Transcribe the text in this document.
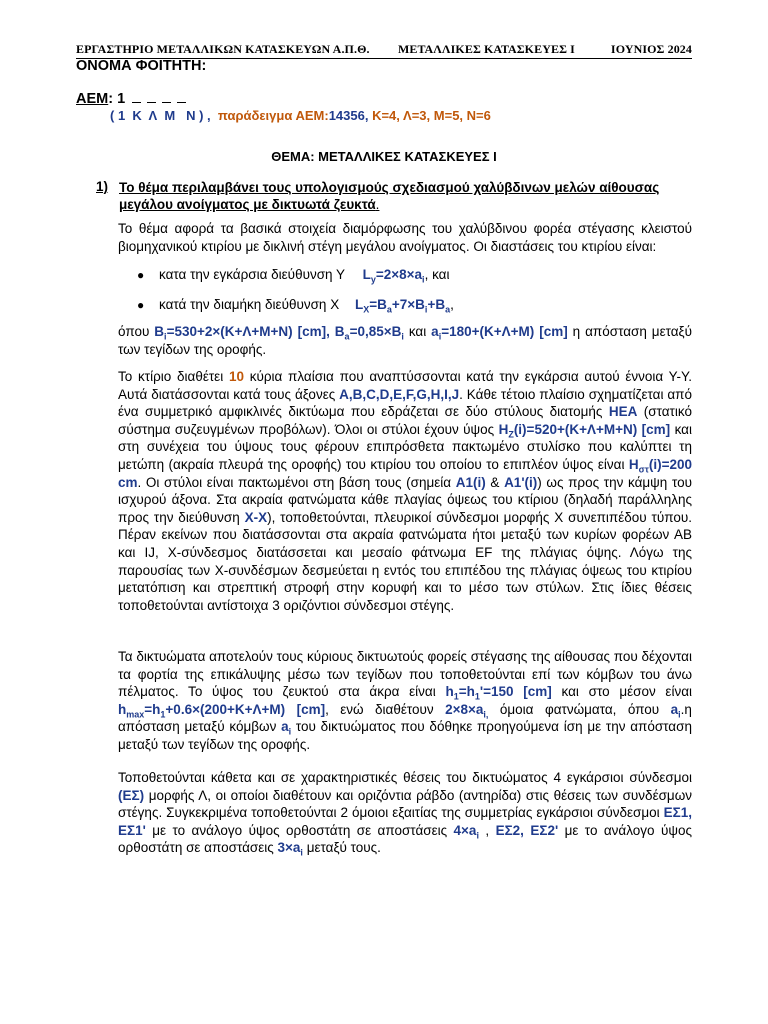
ΕΡΓΑΣΤΗΡΙΟ ΜΕΤΑΛΛΙΚΩΝ ΚΑΤΑΣΚΕΥΩΝ Α.Π.Θ. ΜΕΤΑΛΛΙΚΕΣ ΚΑΤΑΣΚΕΥΕΣ Ι	ΙΟΥΝΙΟΣ 2024
ΟΝΟΜΑ ΦΟΙΤΗΤΗ:
ΑΕΜ: 1
( 1  Κ  Λ  Μ   Ν ) , παράδειγμα ΑΕΜ:14356, Κ=4, Λ=3, Μ=5, Ν=6
ΘΕΜΑ: ΜΕΤΑΛΛΙΚΕΣ ΚΑΤΑΣΚΕΥΕΣ Ι
1) Το θέμα περιλαμβάνει τους υπολογισμούς σχεδιασμού χαλύβδινων μελών αίθουσας μεγάλου ανοίγματος με δικτυωτά ζευκτά.
Το θέμα αφορά τα βασικά στοιχεία διαμόρφωσης του χαλύβδινου φορέα στέγασης κλειστού βιομηχανικού κτιρίου με δικλινή στέγη μεγάλου ανοίγματος. Οι διαστάσεις του κτιρίου είναι:
● κατα την εγκάρσια διεύθυνση Υ $L_y=2\times 8\times a_i$, και
● κατά την διαμήκη διεύθυνση Χ $L_X=B_a+7\times B_i+B_a$,
όπου $B_i=530+2\times(K+\Lambda+M+N)$ [cm], $B_a=0,85\times B_i$ και $a_i=180+(K+\Lambda+M)$ [cm] η απόσταση μεταξύ των τεγίδων της οροφής.
Το κτίριο διαθέτει 10 κύρια πλαίσια που αναπτύσσονται κατά την εγκάρσια αυτού έννοια Υ-Υ. Αυτά διατάσσονται κατά τους άξονες A,B,C,D,E,F,G,H,I,J. Κάθε τέτοιο πλαίσιο σχηματίζεται από ένα συμμετρικό αμφικλινές δικτύωμα που εδράζεται σε δύο στύλους διατομής ΗΕΑ (στατικό σύστημα συζευγμένων προβόλων). Όλοι οι στύλοι έχουν ύψος $H_Z(i)=520+(K+\Lambda+M+N)$ [cm] και στη συνέχεια του ύψους τους φέρουν επιπρόσθετα πακτωμένο στυλίσκο που καλύπτει τη μετώπη (ακραία πλευρά της οροφής) του κτιρίου του οποίου το επιπλέον ύψος είναι $H_{\sigma\tau}(i)=200$ cm. Οι στύλοι είναι πακτωμένοι στη βάση τους (σημεία A1(i) & A1'(i)) ως προς την κάμψη του ισχυρού άξονα. Στα ακραία φατνώματα κάθε πλαγίας όψεως του κτίριου (δηλαδή παράλληλης προς την διεύθυνση Χ-Χ), τοποθετούνται, πλευρικοί σύνδεσμοι μορφής Χ συνεπιπέδου τύπου. Πέραν εκείνων που διατάσσονται στα ακραία φατνώματα ήτοι μεταξύ των κυρίων φορέων ΑΒ και IJ, Χ-σύνδεσμος διατάσσεται και μεσαίο φάτνωμα EF της πλάγιας όψης. Λόγω της παρουσίας των Χ-συνδέσμων δεσμεύεται η εντός του επιπέδου της πλάγιας όψεως του κτιρίου μετατόπιση και στρεπτική στροφή στην κορυφή και το μέσο των στύλων. Στις ίδιες θέσεις τοποθετούνται αντίστοιχα 3 οριζόντιοι σύνδεσμοι στέγης.
Τα δικτυώματα αποτελούν τους κύριους δικτυωτούς φορείς στέγασης της αίθουσας που δέχονται τα φορτία της επικάλυψης μέσω των τεγίδων που τοποθετούνται επί των κόμβων του άνω πέλματος. Το ύψος του ζευκτού στα άκρα είναι $h_1=h_1'=150$ [cm] και στο μέσον είναι $h_{max}=h_1+0.6\times(200+K+\Lambda+M)$ [cm], ενώ διαθέτουν $2\times 8\times a_{i,}$ όμοια φατνώματα, όπου $a_i.\eta$ απόσταση μεταξύ κόμβων $a_i$ του δικτυώματος που δόθηκε προηγούμενα ίση με την απόσταση μεταξύ των τεγίδων της οροφής.
Τοποθετούνται κάθετα και σε χαρακτηριστικές θέσεις του δικτυώματος 4 εγκάρσιοι σύνδεσμοι (ΕΣ) μορφής Λ, οι οποίοι διαθέτουν και οριζόντια ράβδο (αντηρίδα) στις θέσεις των συνδέσμων στέγης. Συγκεκριμένα τοποθετούνται 2 όμοιοι εξαιτίας της συμμετρίας εγκάρσιοι σύνδεσμοι ΕΣ1, ΕΣ1' με το ανάλογο ύψος ορθοστάτη σε αποστάσεις $4\times a_i$ , ΕΣ2, ΕΣ2' με το ανάλογο ύψος ορθοστάτη σε αποστάσεις $3\times a_i$ μεταξύ τους.
